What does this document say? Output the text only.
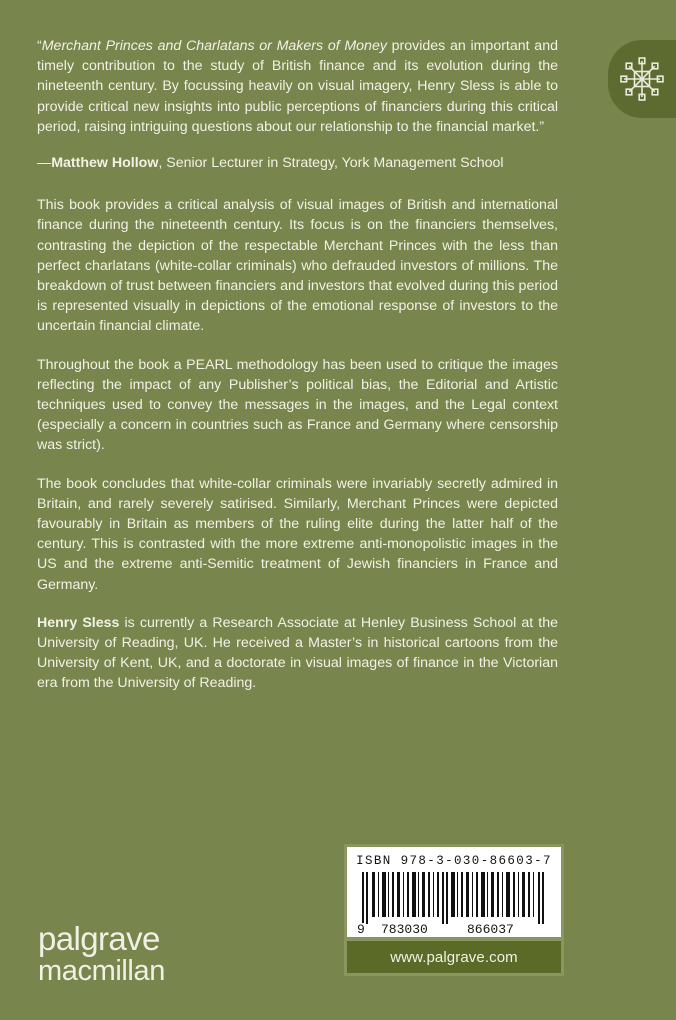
“Merchant Princes and Charlatans or Makers of Money provides an important and timely contribution to the study of British finance and its evolution during the nineteenth century. By focussing heavily on visual imagery, Henry Sless is able to provide critical new insights into public perceptions of financiers during this critical period, raising intriguing questions about our relationship to the financial market.”

—Matthew Hollow, Senior Lecturer in Strategy, York Management School

This book provides a critical analysis of visual images of British and international finance during the nineteenth century. Its focus is on the financiers themselves, contrasting the depiction of the respectable Merchant Princes with the less than perfect charlatans (white-collar criminals) who defrauded investors of millions. The breakdown of trust between financiers and investors that evolved during this period is represented visually in depictions of the emotional response of investors to the uncertain financial climate.

Throughout the book a PEARL methodology has been used to critique the images reflecting the impact of any Publisher’s political bias, the Editorial and Artistic techniques used to convey the messages in the images, and the Legal context (especially a concern in countries such as France and Germany where censorship was strict).

The book concludes that white-collar criminals were invariably secretly admired in Britain, and rarely severely satirised. Similarly, Merchant Princes were depicted favourably in Britain as members of the ruling elite during the latter half of the century. This is contrasted with the more extreme anti-monopolistic images in the US and the extreme anti-Semitic treatment of Jewish financiers in France and Germany.

Henry Sless is currently a Research Associate at Henley Business School at the University of Reading, UK. He received a Master’s in historical cartoons from the University of Kent, UK, and a doctorate in visual images of finance in the Victorian era from the University of Reading.

palgrave
macmillan
ISBN 978-3-030-86603-7
9 783030	866037
www.palgrave.com
